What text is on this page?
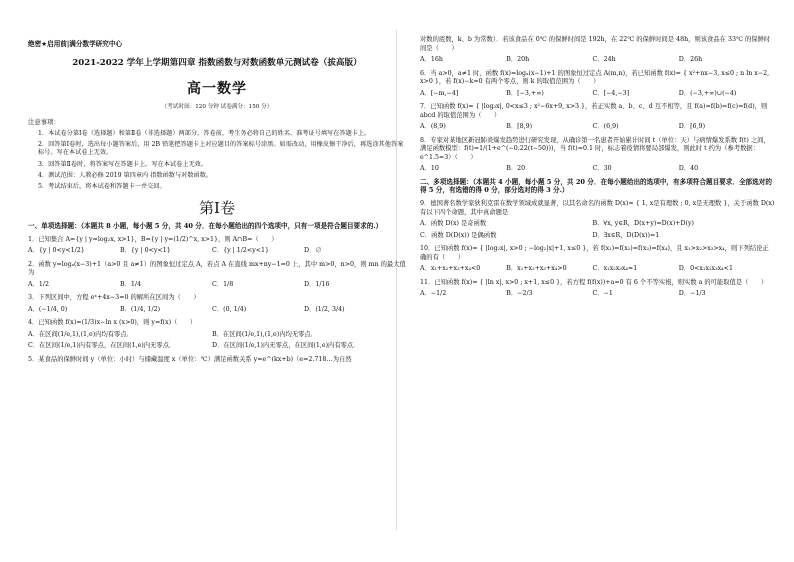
绝密★启用前|满分数学研究中心
2021-2022 学年上学期第四章 指数函数与对数函数单元测试卷（拔高版）
高一数学
（考试时间：120 分钟 试卷满分：150 分）
注意事项：
1．本试卷分第Ⅰ卷（选择题）和第Ⅱ卷（非选择题）两部分。答卷前，考生务必将自己的姓名、准考证号填写在答题卡上。
2．回答第Ⅰ卷时，选出每小题答案后，用 2B 铅笔把答题卡上对应题目的答案标号涂黑。如需改动，用橡皮擦干净后，再选涂其他答案标号。写在本试卷上无效。
3．回答第Ⅱ卷时，将答案写在答题卡上。写在本试卷上无效。
4．测试范围：人教必修 2019 第四章内 指数函数与对数函数。
5．考试结束后，将本试卷和答题卡一并交回。
第Ⅰ卷
一、单项选择题：（本题共 8 小题，每小题 5 分，共 40 分．在每小题给出的四个选项中，只有一项是符合题目要求的.）
1．已知集合 A={y | y=log₂x, x>1}，B={y | y=(1/2)^x, x>1}，则 A∩B=（　　）
A．{y | 0<y<1/2}	B．{y | 0<y<1}	C．{y | 1/2<y<1}	D．∅
2．函数 y=logₐ(x−3)+1（a>0 且 a≠1）的图象恒过定点 A，若点 A 在直线 mx+ny−1=0 上，其中 m>0，n>0，则 mn 的最大值为
A．1/2	B．1/4	C．1/8	D．1/16
3．下列区间中，方程 eˣ+4x−3=0 的解所在区间为（　　）
A．(−1/4, 0)	B．(1/4, 1/2)	C．(0, 1/4)	D．(1/2, 3/4)
4．已知函数 f(x)=(1/3)x−ln x (x>0)，则 y=f(x)（　　）
A．在区间(1/e,1),(1,e)内均有零点．	B．在区间(1/e,1),(1,e)内均无零点．
C．在区间(1/e,1)内有零点，在区间(1,e)内无零点．	D．在区间(1/e,1)内无零点，在区间(1,e)内有零点．
5．某食品的保鲜时间 y（单位：小时）与储藏温度 x（单位：℃）满足函数关系 y=e^(kx+b)（e=2.718…为自然
对数的底数，k、b 为常数）．若该食品在 0℃ 的保鲜时间是 192h，在 22℃ 的保鲜时间是 48h，则该食品在 33℃ 的保鲜时间是（　　）
A．16h	B．20h	C．24h	D．26h
6．当 a>0，a≠1 时，函数 f(x)=logₐ(x−1)+1 的图象恒过定点 A(m,n)，若已知函数 f(x)= { x²+nx−3, x≤0 ; n ln x−2, x>0 }，若 f(x)−k=0 有两个零点，则 k 的取值范围为（　　）
A．[−m,−4]	B．[−3,+∞)	C．[−4,−3]	D．(−3,+∞)∪(−4)
7．已知函数 f(x)= { |log₃x|, 0<x≤3 ; x²−6x+9, x>3 }，若正实数 a、b、c、d 互不相等，且 f(a)=f(b)=f(c)=f(d)，则 abcd 的取值范围为（　　）
A．(8,9)	B．[8,9)	C．(6,9)	D．[6,9)
8．专家对某地区新冠肺炎爆发趋势进行研究发现，从确诊第一名患者开始累计时间 t（单位：天）与病情爆发系数 f(t) 之间，满足函数模型：f(t)=1/(1+e^(−0.22(t−50)))，当 f(t)=0.1 时，标志着疫情将要局部爆发，则此时 t 约为（参考数据：e^1.5≈3）（　　）
A．10	B．20	C．30	D．40
二、多项选择题：（本题共 4 小题，每小题 5 分，共 20 分．在每小题给出的选项中，有多项符合题目要求．全部选对的得 5 分，有选错的得 0 分，部分选对的得 3 分.）
9．德国著名数学家狄利克雷在数学领域成就显著，以其名命名的函数 D(x)= { 1, x是有理数 ; 0, x是无理数 }，关于函数 D(x) 有以下四个命题，其中真命题是
A．函数 D(x) 是奇函数	B．∀x, y∈R，D(x+y)=D(x)+D(y)
C．函数 D(D(x)) 是偶函数	D．∃x∈R，D(D(x))=1
10．已知函数 f(x)= { |log₂x|, x>0 ; −log₂|x|+1, x≤0 }，若 f(x₁)=f(x₂)=f(x₃)=f(x₄)，且 x₁>x₂>x₃>x₄，则下列结论正确的有（　　）
A．x₁+x₂+x₃+x₄<0	B．x₁+x₂+x₃+x₄>0	C．x₁x₂x₃x₄=1	D．0<x₁x₂x₃x₄<1
11．已知函数 f(x)= { |ln x|, x>0 ; x+1, x≤0 }，若方程 f(f(x))+a=0 有 6 个不等实根，则实数 a 的可能取值是（　　）
A．−1/2	B．−2/3	C．−1	D．−1/3
